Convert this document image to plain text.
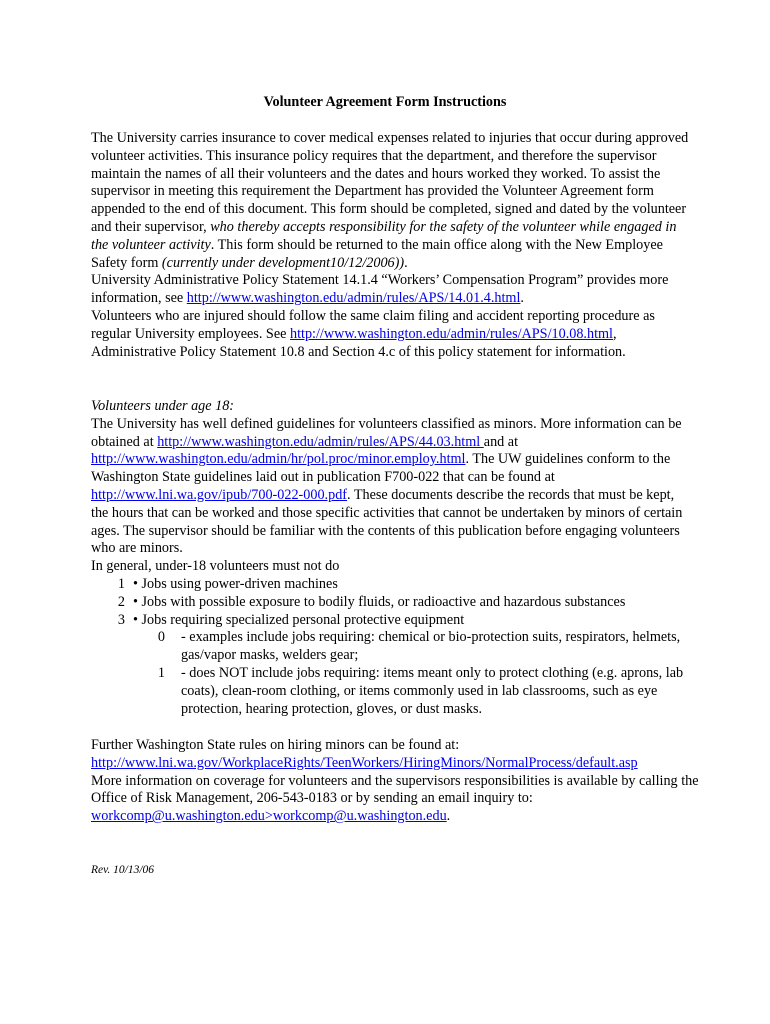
Volunteer Agreement Form Instructions

The University carries insurance to cover medical expenses related to injuries that occur during approved volunteer activities. This insurance policy requires that the department, and therefore the supervisor maintain the names of all their volunteers and the dates and hours worked they worked. To assist the supervisor in meeting this requirement the Department has provided the Volunteer Agreement form appended to the end of this document. This form should be completed, signed and dated by the volunteer and their supervisor, who thereby accepts responsibility for the safety of the volunteer while engaged in the volunteer activity. This form should be returned to the main office along with the New Employee Safety form (currently under development10/12/2006)).

University Administrative Policy Statement 14.1.4 “Workers’ Compensation Program” provides more information, see http://www.washington.edu/admin/rules/APS/14.01.4.html.

Volunteers who are injured should follow the same claim filing and accident reporting procedure as regular University employees. See http://www.washington.edu/admin/rules/APS/10.08.html, Administrative Policy Statement 10.8 and Section 4.c of this policy statement for information.

Volunteers under age 18:

The University has well defined guidelines for volunteers classified as minors. More information can be obtained at http://www.washington.edu/admin/rules/APS/44.03.html and at http://www.washington.edu/admin/hr/pol.proc/minor.employ.html. The UW guidelines conform to the Washington State guidelines laid out in publication F700-022 that can be found at http://www.lni.wa.gov/ipub/700-022-000.pdf. These documents describe the records that must be kept, the hours that can be worked and those specific activities that cannot be undertaken by minors of certain ages. The supervisor should be familiar with the contents of this publication before engaging volunteers who are minors.

In general, under-18 volunteers must not do

1 • Jobs using power-driven machines
2 • Jobs with possible exposure to bodily fluids, or radioactive and hazardous substances
3 • Jobs requiring specialized personal protective equipment
0 - examples include jobs requiring: chemical or bio-protection suits, respirators, helmets, gas/vapor masks, welders gear;
1 - does NOT include jobs requiring: items meant only to protect clothing (e.g. aprons, lab coats), clean-room clothing, or items commonly used in lab classrooms, such as eye protection, hearing protection, gloves, or dust masks.

Further Washington State rules on hiring minors can be found at:

http://www.lni.wa.gov/WorkplaceRights/TeenWorkers/HiringMinors/NormalProcess/default.asp

More information on coverage for volunteers and the supervisors responsibilities is available by calling the Office of Risk Management, 206-543-0183 or by sending an email inquiry to: workcomp@u.washington.edu>workcomp@u.washington.edu.

Rev. 10/13/06
